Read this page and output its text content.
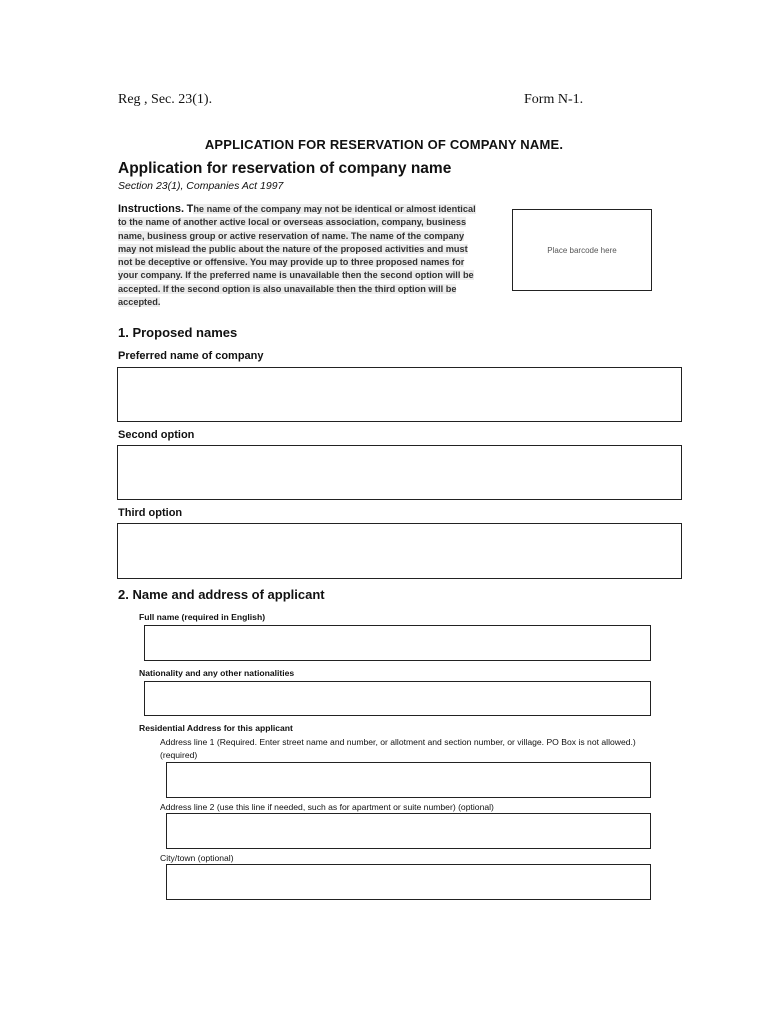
Reg , Sec. 23(1).	Form N-1.
APPLICATION FOR RESERVATION OF COMPANY NAME.
Application for reservation of company name
Section 23(1), Companies Act 1997
Instructions. The name of the company may not be identical or almost identical to the name of another active local or overseas association, company, business name, business group or active reservation of name. The name of the company may not mislead the public about the nature of the proposed activities and must not be deceptive or offensive. You may provide up to three proposed names for your company. If the preferred name is unavailable then the second option will be accepted. If the second option is also unavailable then the third option will be accepted.
Place barcode here
1. Proposed names
Preferred name of company
Second option
Third option
2. Name and address of applicant
Full name (required in English)
Nationality and any other nationalities
Residential Address for this applicant
Address line 1 (Required. Enter street name and number, or allotment and section number, or village. PO Box is not allowed.) (required)
Address line 2 (use this line if needed, such as for apartment or suite number) (optional)
City/town (optional)
